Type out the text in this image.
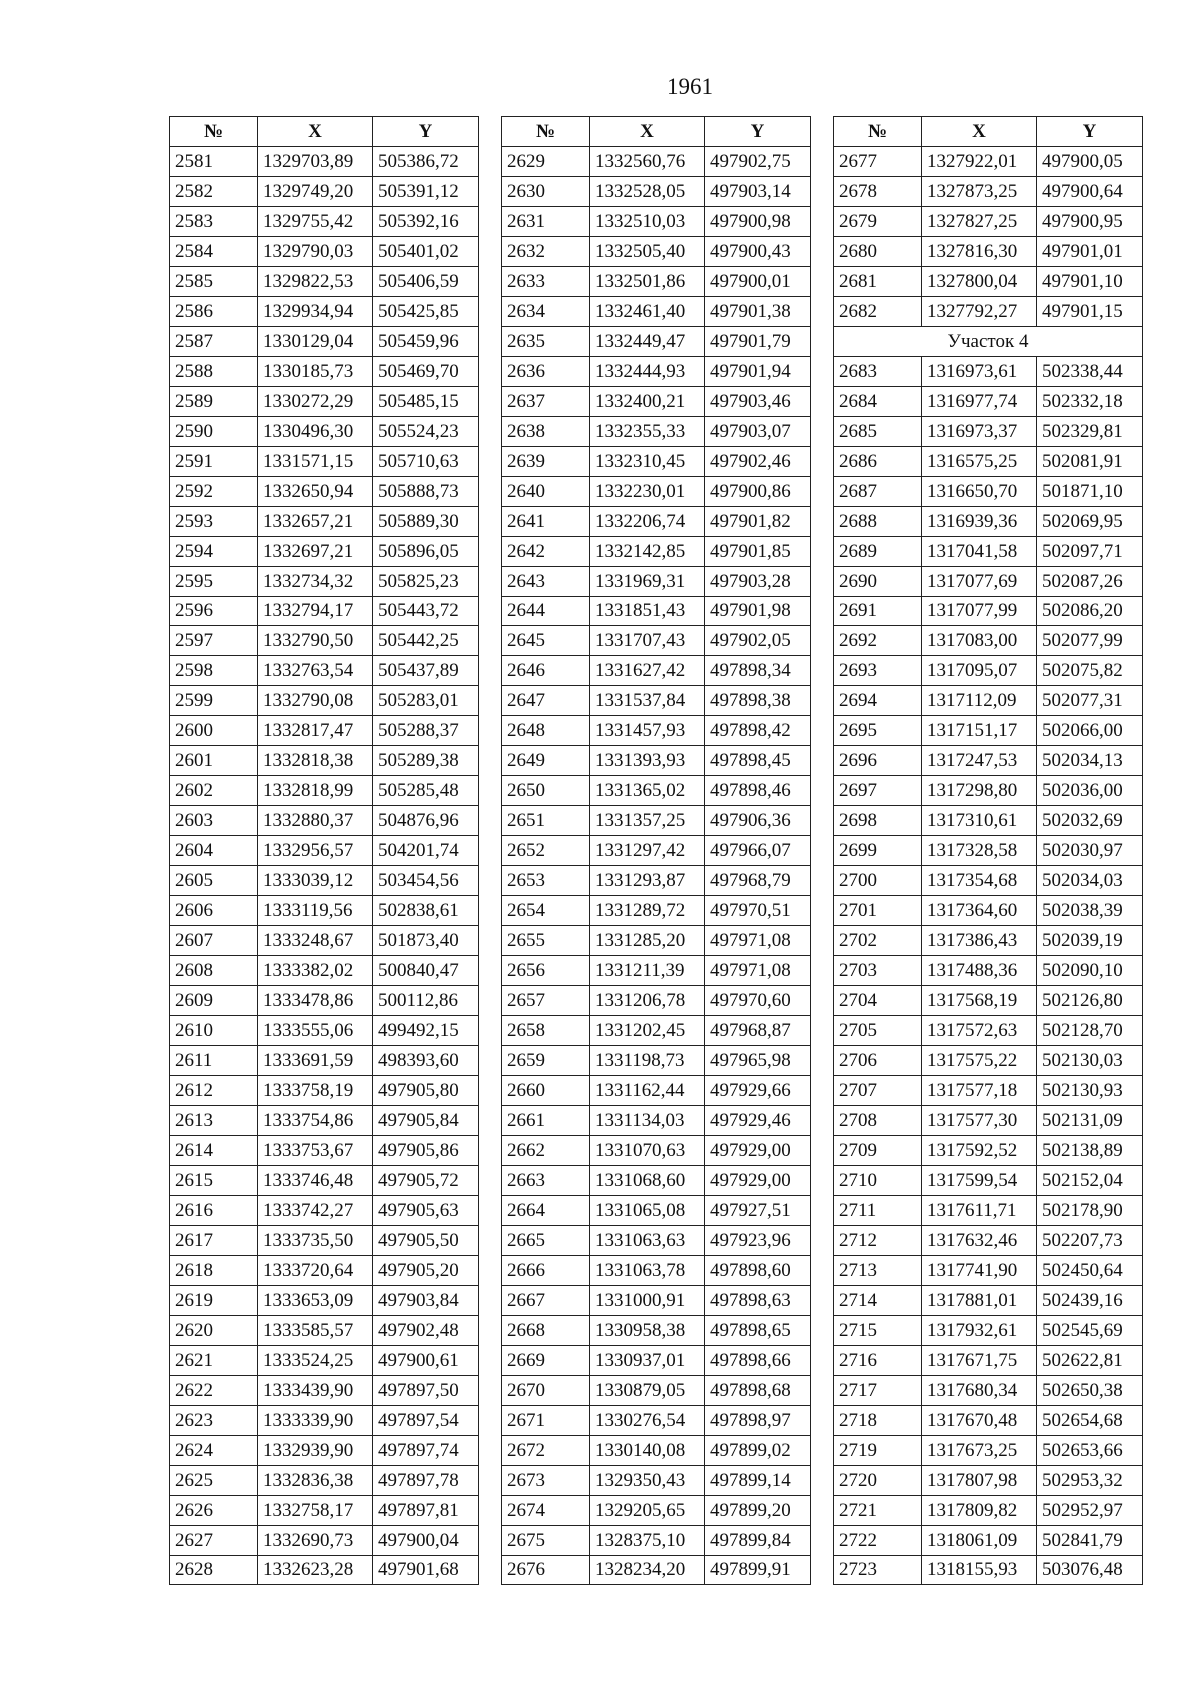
1961
№	X	Y
2581	1329703,89	505386,72
2582	1329749,20	505391,12
2583	1329755,42	505392,16
2584	1329790,03	505401,02
2585	1329822,53	505406,59
2586	1329934,94	505425,85
2587	1330129,04	505459,96
2588	1330185,73	505469,70
2589	1330272,29	505485,15
2590	1330496,30	505524,23
2591	1331571,15	505710,63
2592	1332650,94	505888,73
2593	1332657,21	505889,30
2594	1332697,21	505896,05
2595	1332734,32	505825,23
2596	1332794,17	505443,72
2597	1332790,50	505442,25
2598	1332763,54	505437,89
2599	1332790,08	505283,01
2600	1332817,47	505288,37
2601	1332818,38	505289,38
2602	1332818,99	505285,48
2603	1332880,37	504876,96
2604	1332956,57	504201,74
2605	1333039,12	503454,56
2606	1333119,56	502838,61
2607	1333248,67	501873,40
2608	1333382,02	500840,47
2609	1333478,86	500112,86
2610	1333555,06	499492,15
2611	1333691,59	498393,60
2612	1333758,19	497905,80
2613	1333754,86	497905,84
2614	1333753,67	497905,86
2615	1333746,48	497905,72
2616	1333742,27	497905,63
2617	1333735,50	497905,50
2618	1333720,64	497905,20
2619	1333653,09	497903,84
2620	1333585,57	497902,48
2621	1333524,25	497900,61
2622	1333439,90	497897,50
2623	1333339,90	497897,54
2624	1332939,90	497897,74
2625	1332836,38	497897,78
2626	1332758,17	497897,81
2627	1332690,73	497900,04
2628	1332623,28	497901,68
№	X	Y
2629	1332560,76	497902,75
2630	1332528,05	497903,14
2631	1332510,03	497900,98
2632	1332505,40	497900,43
2633	1332501,86	497900,01
2634	1332461,40	497901,38
2635	1332449,47	497901,79
2636	1332444,93	497901,94
2637	1332400,21	497903,46
2638	1332355,33	497903,07
2639	1332310,45	497902,46
2640	1332230,01	497900,86
2641	1332206,74	497901,82
2642	1332142,85	497901,85
2643	1331969,31	497903,28
2644	1331851,43	497901,98
2645	1331707,43	497902,05
2646	1331627,42	497898,34
2647	1331537,84	497898,38
2648	1331457,93	497898,42
2649	1331393,93	497898,45
2650	1331365,02	497898,46
2651	1331357,25	497906,36
2652	1331297,42	497966,07
2653	1331293,87	497968,79
2654	1331289,72	497970,51
2655	1331285,20	497971,08
2656	1331211,39	497971,08
2657	1331206,78	497970,60
2658	1331202,45	497968,87
2659	1331198,73	497965,98
2660	1331162,44	497929,66
2661	1331134,03	497929,46
2662	1331070,63	497929,00
2663	1331068,60	497929,00
2664	1331065,08	497927,51
2665	1331063,63	497923,96
2666	1331063,78	497898,60
2667	1331000,91	497898,63
2668	1330958,38	497898,65
2669	1330937,01	497898,66
2670	1330879,05	497898,68
2671	1330276,54	497898,97
2672	1330140,08	497899,02
2673	1329350,43	497899,14
2674	1329205,65	497899,20
2675	1328375,10	497899,84
2676	1328234,20	497899,91
№	X	Y
2677	1327922,01	497900,05
2678	1327873,25	497900,64
2679	1327827,25	497900,95
2680	1327816,30	497901,01
2681	1327800,04	497901,10
2682	1327792,27	497901,15
Участок 4		
2683	1316973,61	502338,44
2684	1316977,74	502332,18
2685	1316973,37	502329,81
2686	1316575,25	502081,91
2687	1316650,70	501871,10
2688	1316939,36	502069,95
2689	1317041,58	502097,71
2690	1317077,69	502087,26
2691	1317077,99	502086,20
2692	1317083,00	502077,99
2693	1317095,07	502075,82
2694	1317112,09	502077,31
2695	1317151,17	502066,00
2696	1317247,53	502034,13
2697	1317298,80	502036,00
2698	1317310,61	502032,69
2699	1317328,58	502030,97
2700	1317354,68	502034,03
2701	1317364,60	502038,39
2702	1317386,43	502039,19
2703	1317488,36	502090,10
2704	1317568,19	502126,80
2705	1317572,63	502128,70
2706	1317575,22	502130,03
2707	1317577,18	502130,93
2708	1317577,30	502131,09
2709	1317592,52	502138,89
2710	1317599,54	502152,04
2711	1317611,71	502178,90
2712	1317632,46	502207,73
2713	1317741,90	502450,64
2714	1317881,01	502439,16
2715	1317932,61	502545,69
2716	1317671,75	502622,81
2717	1317680,34	502650,38
2718	1317670,48	502654,68
2719	1317673,25	502653,66
2720	1317807,98	502953,32
2721	1317809,82	502952,97
2722	1318061,09	502841,79
2723	1318155,93	503076,48
